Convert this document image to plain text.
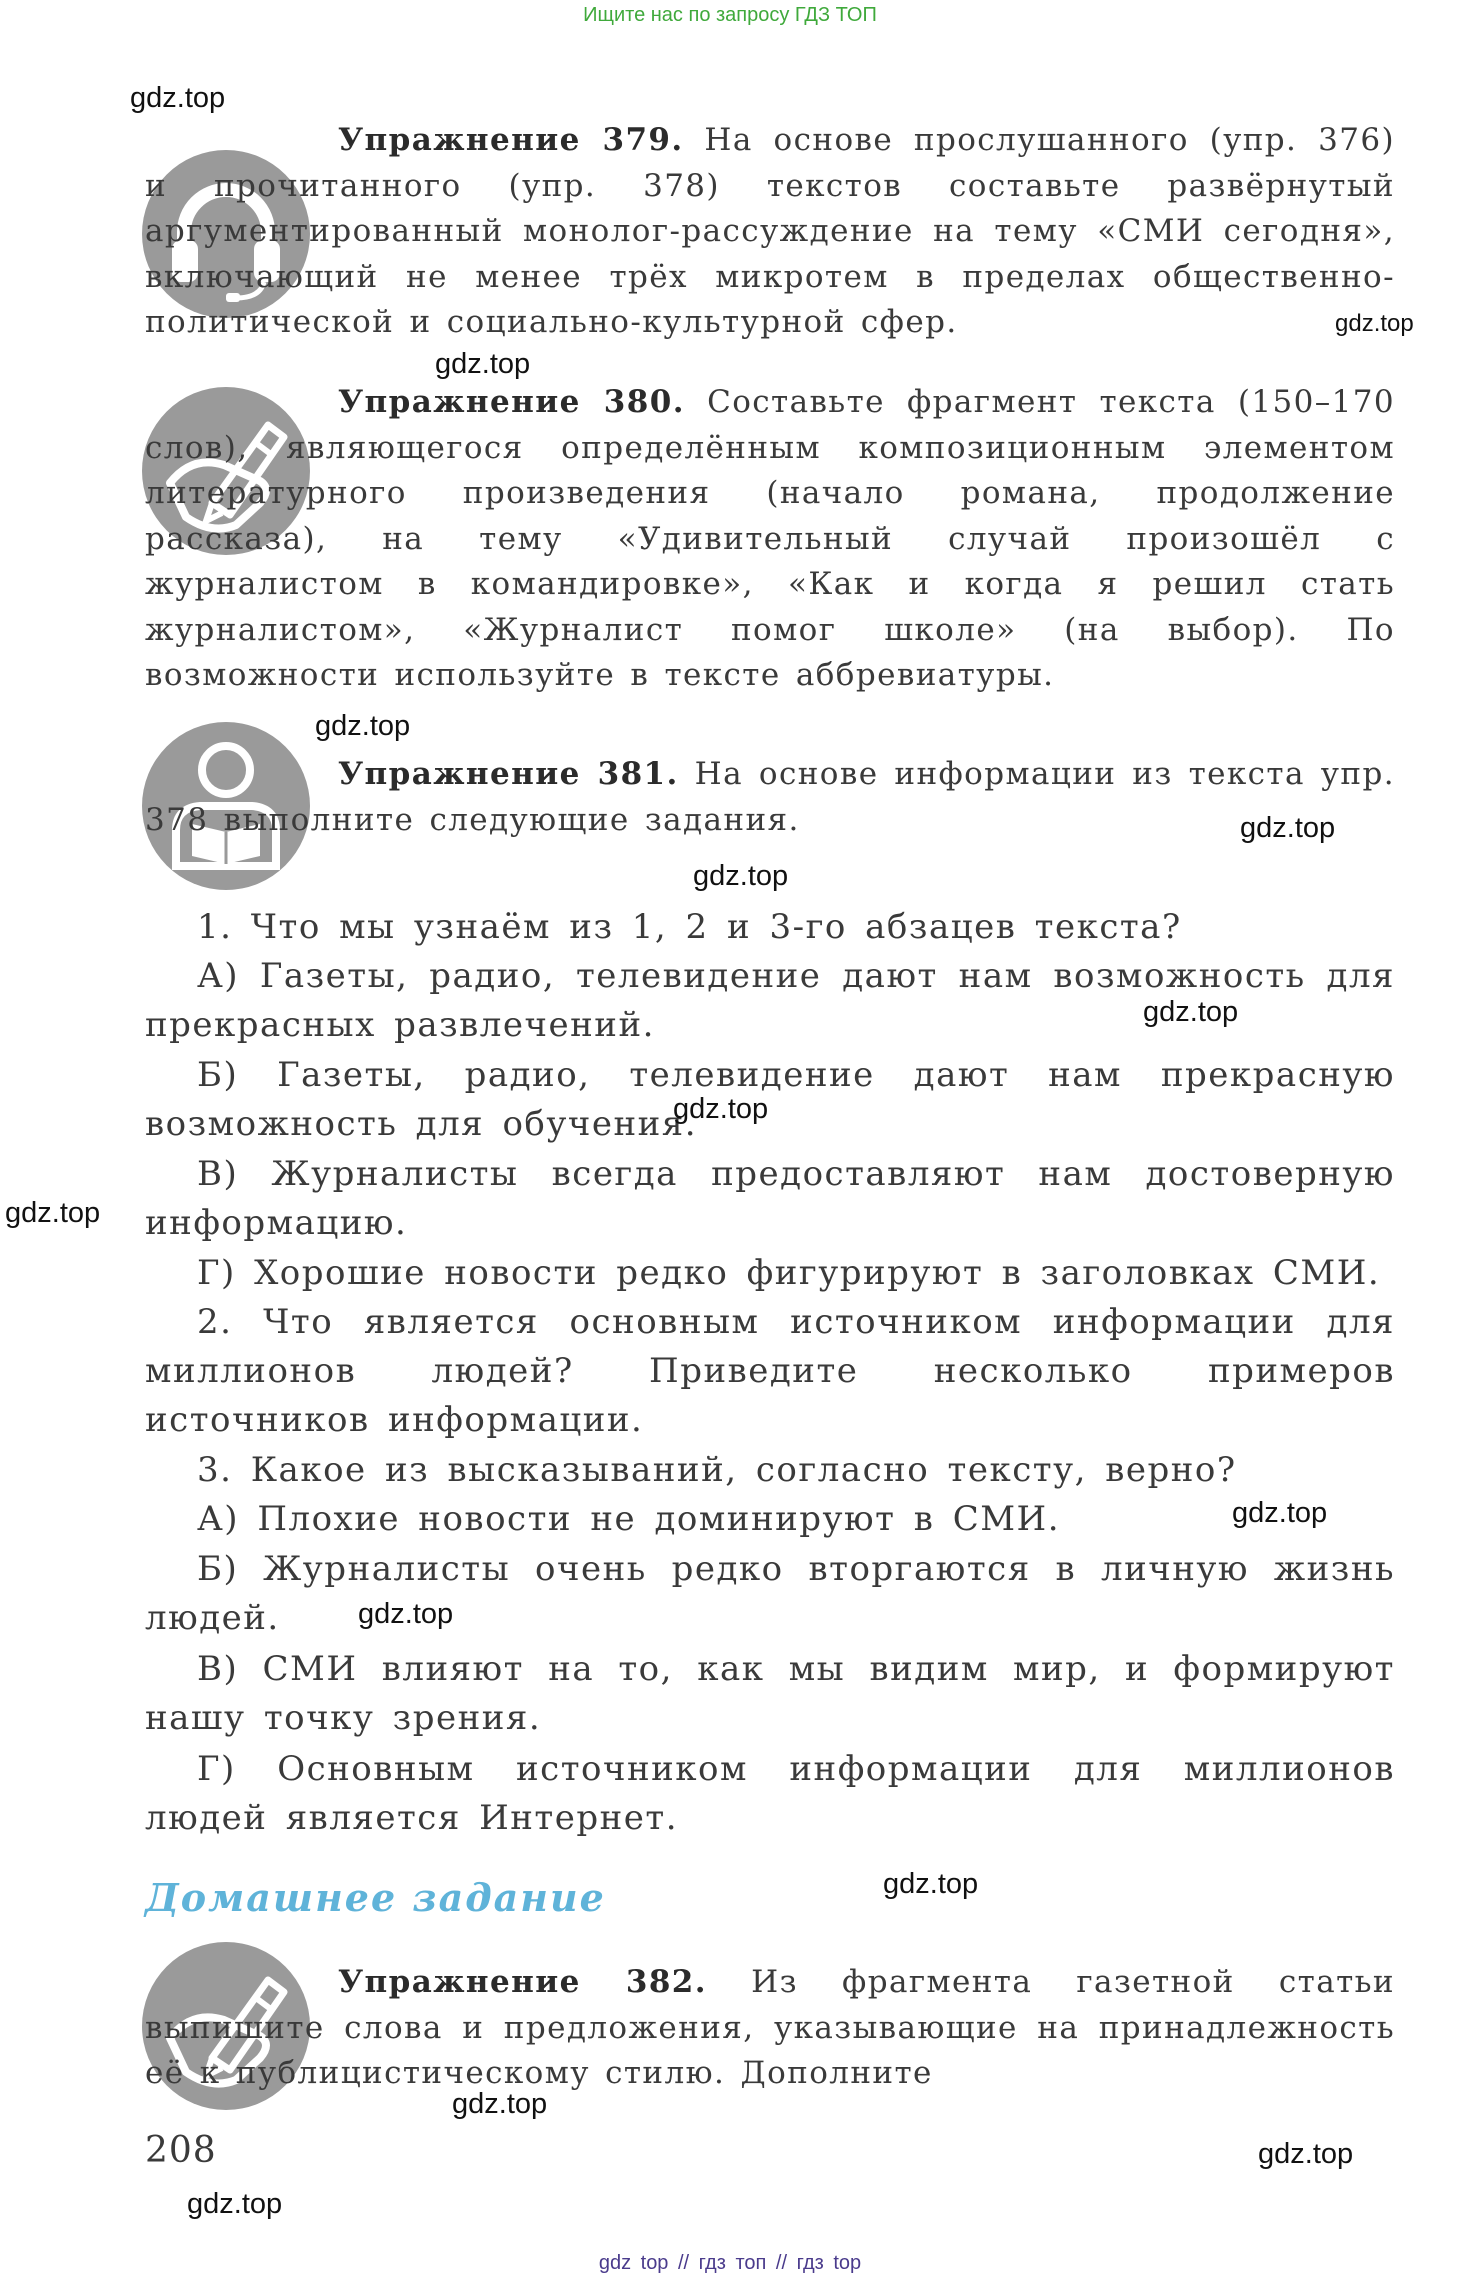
Ищите нас по запросу ГДЗ ТОП
Упражнение 379. На основе прослушанного (упр. 376) и прочитанного (упр. 378) текстов составьте развёрнутый аргументированный монолог-рассуждение на тему «СМИ сегодня», включающий не менее трёх микротем в пределах общественно-политической и социально-культурной сфер.
Упражнение 380. Составьте фрагмент текста (150–170 слов), являющегося определённым композиционным элементом литературного произведения (начало романа, продолжение рассказа), на тему «Удивительный случай произошёл с журналистом в командировке», «Как и когда я решил стать журналистом», «Журналист помог школе» (на выбор). По возможности используйте в тексте аббревиатуры.
Упражнение 381. На основе информации из текста упр. 378 выполните следующие задания.
1. Что мы узнаём из 1, 2 и 3-го абзацев текста?
А) Газеты, радио, телевидение дают нам возможность для прекрасных развлечений.
Б) Газеты, радио, телевидение дают нам прекрасную возможность для обучения.
В) Журналисты всегда предоставляют нам достоверную информацию.
Г) Хорошие новости редко фигурируют в заголовках СМИ.
2. Что является основным источником информации для миллионов людей? Приведите несколько примеров источников информации.
3. Какое из высказываний, согласно тексту, верно?
А) Плохие новости не доминируют в СМИ.
Б) Журналисты очень редко вторгаются в личную жизнь людей.
В) СМИ влияют на то, как мы видим мир, и формируют нашу точку зрения.
Г) Основным источником информации для миллионов людей является Интернет.
Домашнее задание
Упражнение 382. Из фрагмента газетной статьи выпишите слова и предложения, указывающие на принадлежность её к публицистическому стилю. Дополните
208
gdz.top
gdz.top
gdz.top
gdz.top
gdz.top
gdz.top
gdz.top
gdz.top
gdz.top
gdz.top
gdz.top
gdz.top
gdz.top
gdz.top
gdz.top
gdz top // гдз топ // гдз top
